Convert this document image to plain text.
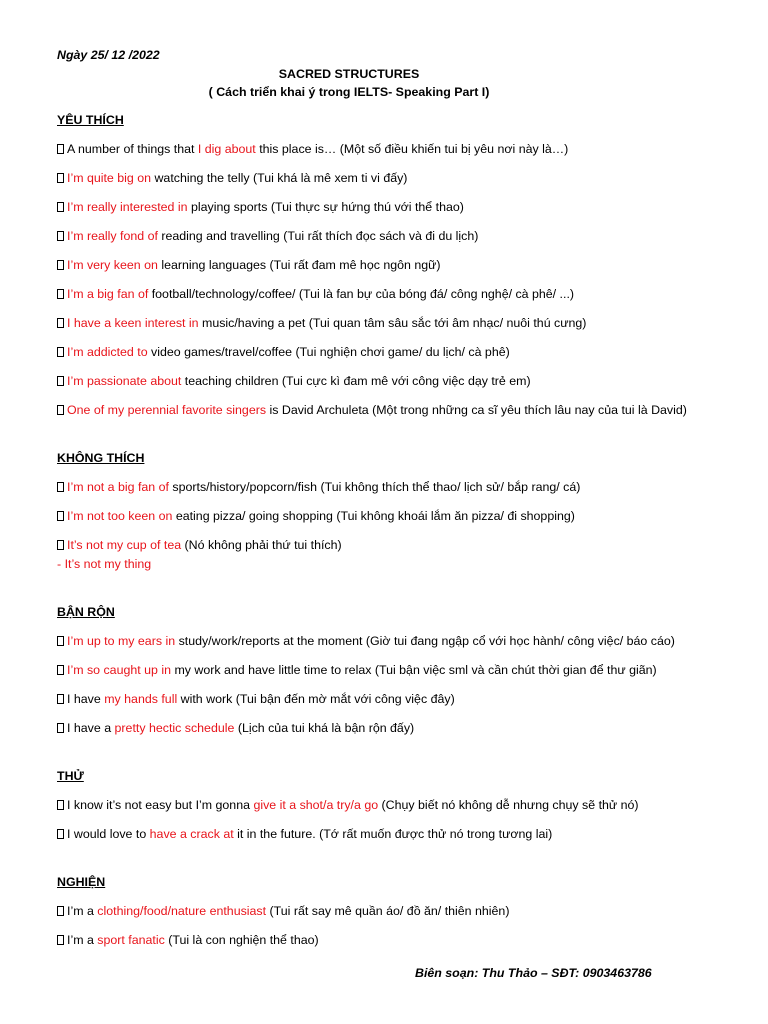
Ngày 25/ 12 /2022
SACRED STRUCTURES
( Cách triển khai ý trong IELTS- Speaking Part I)
YÊU THÍCH
A number of things that I dig about this place is… (Một số điều khiến tui bị yêu nơi này là…)
I’m quite big on watching the telly (Tui khá là mê xem ti vi đấy)
I’m really interested in playing sports (Tui thực sự hứng thú với thể thao)
I’m really fond of reading and travelling (Tui rất thích đọc sách và đi du lịch)
I’m very keen on learning languages (Tui rất đam mê học ngôn ngữ)
I’m a big fan of football/technology/coffee/ (Tui là fan bự của bóng đá/ công nghệ/ cà phê/ ...)
I have a keen interest in music/having a pet (Tui quan tâm sâu sắc tới âm nhạc/ nuôi thú cưng)
I’m addicted to video games/travel/coffee (Tui nghiện chơi game/ du lịch/ cà phê)
I’m passionate about teaching children (Tui cực kì đam mê với công việc dạy trẻ em)
One of my perennial favorite singers is David Archuleta (Một trong những ca sĩ yêu thích lâu nay của tui là David)
KHÔNG THÍCH
I’m not a big fan of sports/history/popcorn/fish (Tui không thích thể thao/ lịch sử/ bắp rang/ cá)
I’m not too keen on eating pizza/ going shopping (Tui không khoái lắm ăn pizza/ đi shopping)
It’s not my cup of tea (Nó không phải thứ tui thích)
- It’s not my thing
BẬN RỘN
I’m up to my ears in study/work/reports at the moment (Giờ tui đang ngập cổ với học hành/ công việc/ báo cáo)
I’m so caught up in my work and have little time to relax (Tui bận việc sml và cần chút thời gian để thư giãn)
I have my hands full with work (Tui bận đến mờ mắt với công việc đây)
I have a pretty hectic schedule (Lịch của tui khá là bận rộn đấy)
THỬ
I know it’s not easy but I’m gonna give it a shot/a try/a go (Chụy biết nó không dễ nhưng chụy sẽ thử nó)
I would love to have a crack at it in the future. (Tớ rất muốn được thử nó trong tương lai)
NGHIỆN
I’m a clothing/food/nature enthusiast (Tui rất say mê quần áo/ đồ ăn/ thiên nhiên)
I’m a sport fanatic (Tui là con nghiện thể thao)
Biên soạn: Thu Thảo – SĐT: 0903463786
